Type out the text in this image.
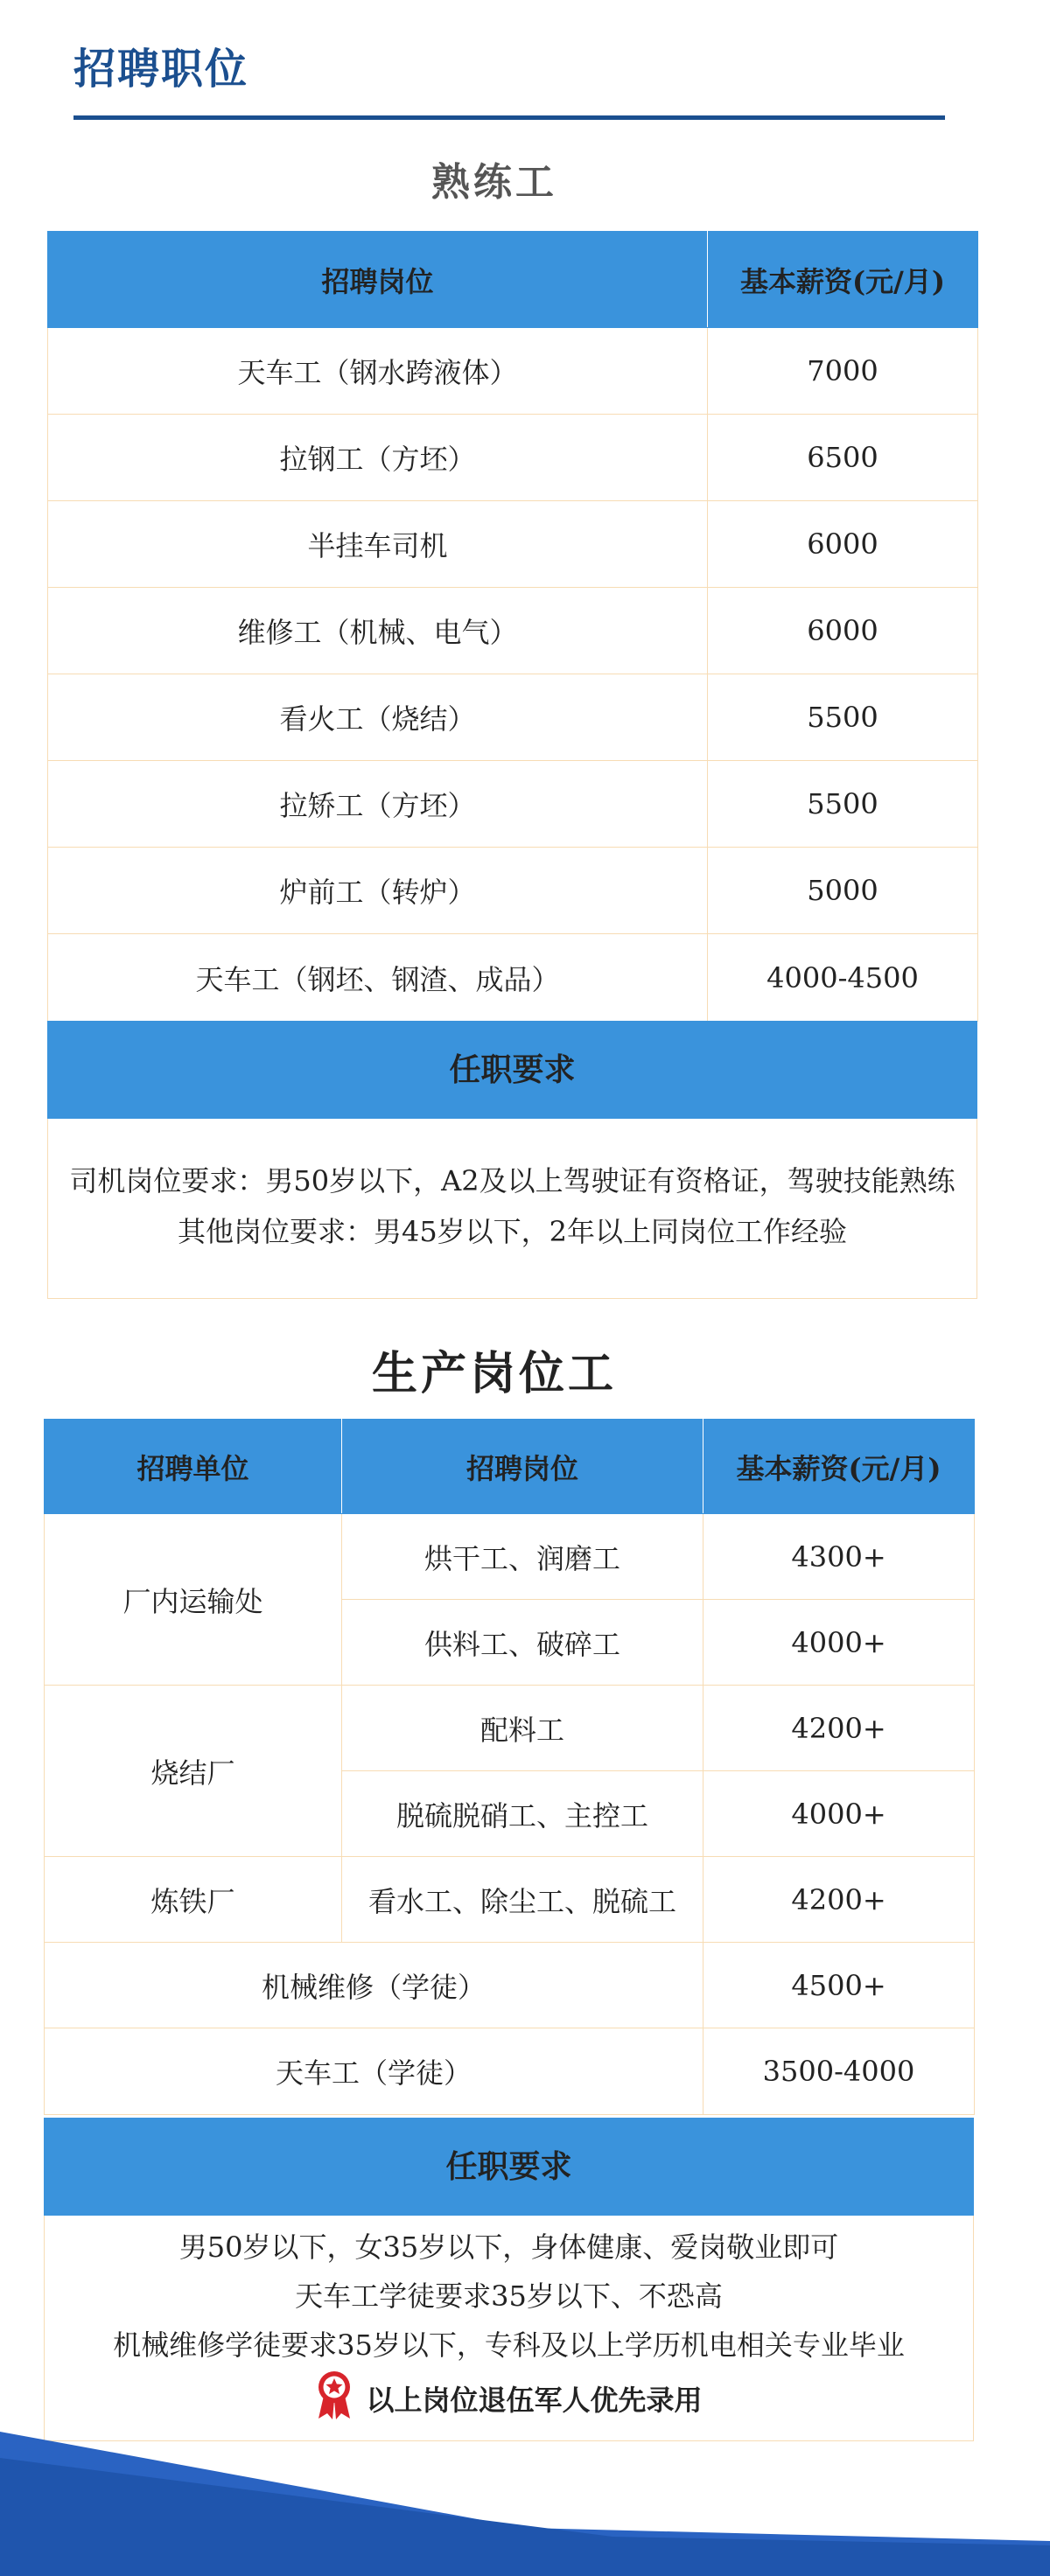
招聘职位
熟练工
招聘岗位	基本薪资(元/月)
天车工（钢水跨液体）	7000
拉钢工（方坯）	6500
半挂车司机	6000
维修工（机械、电气）	6000
看火工（烧结）	5500
拉矫工（方坯）	5500
炉前工（转炉）	5000
天车工（钢坯、钢渣、成品）	4000-4500
任职要求

司机岗位要求：男50岁以下，A2及以上驾驶证有资格证，驾驶技能熟练

其他岗位要求：男45岁以下，2年以上同岗位工作经验

生产岗位工
招聘单位	招聘岗位	基本薪资(元/月)
厂内运输处	烘干工、润磨工	4300+
	供料工、破碎工	4000+
烧结厂	配料工	4200+
	脱硫脱硝工、主控工	4000+
炼铁厂	看水工、除尘工、脱硫工	4200+
机械维修（学徒）		4500+
天车工（学徒）		3500-4000
任职要求

男50岁以下，女35岁以下，身体健康、爱岗敬业即可

天车工学徒要求35岁以下、不恐高

机械维修学徒要求35岁以下，专科及以上学历机电相关专业毕业

以上岗位退伍军人优先录用
